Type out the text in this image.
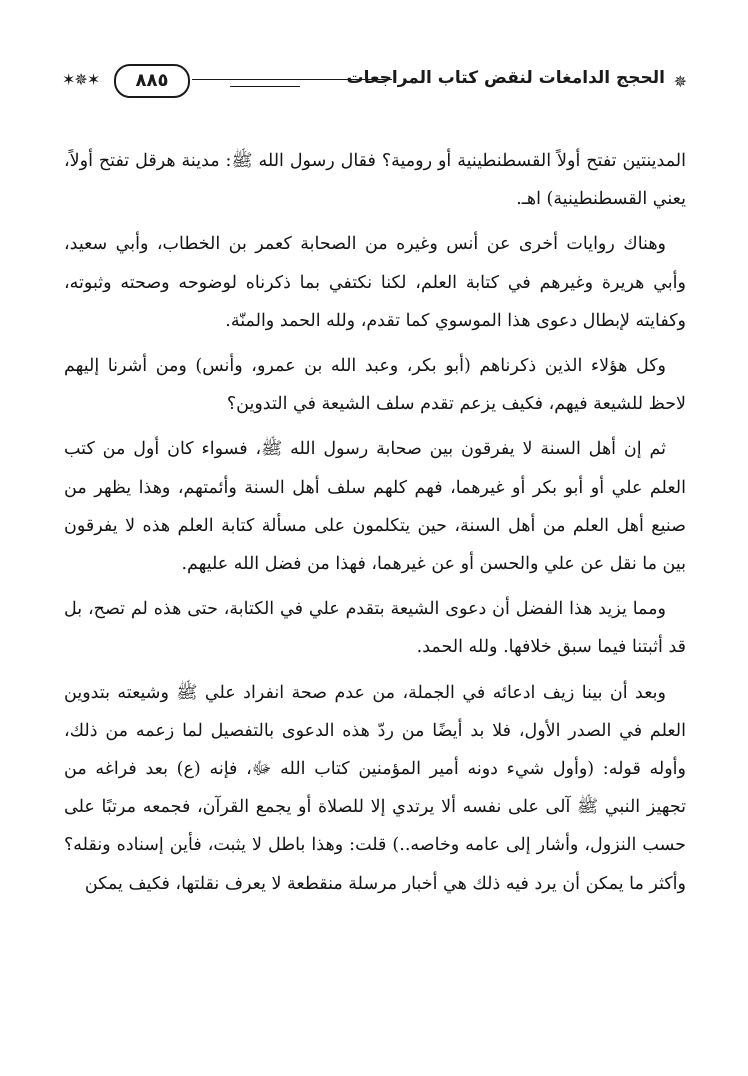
✶✵✶	٨٨٥	الحجج الدامغات لنقض كتاب المراجعات ✵

المدينتين تفتح أولاً القسطنطينية أو رومية؟ فقال رسول الله ﷺ: مدينة هرقل تفتح أولاً، يعني القسطنطينية) اهـ.

وهناك روايات أخرى عن أنس وغيره من الصحابة كعمر بن الخطاب، وأبي سعيد، وأبي هريرة وغيرهم في كتابة العلم، لكنا نكتفي بما ذكرناه لوضوحه وصحته وثبوته، وكفايته لإبطال دعوى هذا الموسوي كما تقدم، ولله الحمد والمنّة.

وكل هؤلاء الذين ذكرناهم (أبو بكر، وعبد الله بن عمرو، وأنس) ومن أشرنا إليهم لاحظ للشيعة فيهم، فكيف يزعم تقدم سلف الشيعة في التدوين؟

ثم إن أهل السنة لا يفرقون بين صحابة رسول الله ﷺ، فسواء كان أول من كتب العلم علي أو أبو بكر أو غيرهما، فهم كلهم سلف أهل السنة وأئمتهم، وهذا يظهر من صنيع أهل العلم من أهل السنة، حين يتكلمون على مسألة كتابة العلم هذه لا يفرقون بين ما نقل عن علي والحسن أو عن غيرهما، فهذا من فضل الله عليهم.

ومما يزيد هذا الفضل أن دعوى الشيعة بتقدم علي في الكتابة، حتى هذه لم تصح، بل قد أثبتنا فيما سبق خلافها. ولله الحمد.

وبعد أن بينا زيف ادعائه في الجملة، من عدم صحة انفراد علي ﷺ وشيعته بتدوين العلم في الصدر الأول، فلا بد أيضًا من ردّ هذه الدعوى بالتفصيل لما زعمه من ذلك، وأوله قوله: (وأول شيء دونه أمير المؤمنين كتاب الله ﷻ، فإنه (ع) بعد فراغه من تجهيز النبي ﷺ آلى على نفسه ألا يرتدي إلا للصلاة أو يجمع القرآن، فجمعه مرتبًا على حسب النزول، وأشار إلى عامه وخاصه..) قلت: وهذا باطل لا يثبت، فأين إسناده ونقله؟ وأكثر ما يمكن أن يرد فيه ذلك هي أخبار مرسلة منقطعة لا يعرف نقلتها، فكيف يمكن
